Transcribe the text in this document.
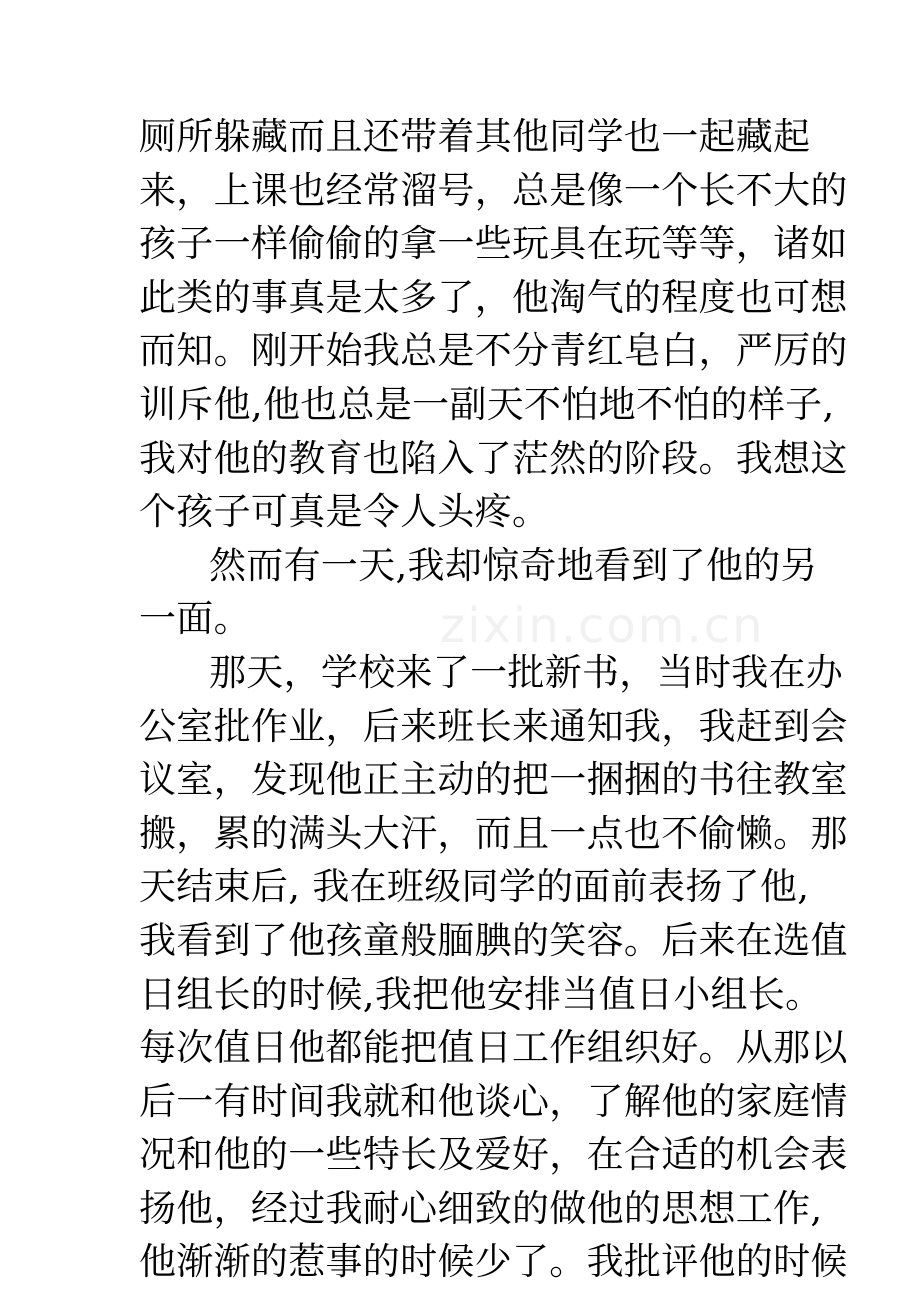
zixin.com.cn
厕所躲藏而且还带着其他同学也一起藏起
来，上课也经常溜号，总是像一个长不大的
孩子一样偷偷的拿一些玩具在玩等等，诸如
此类的事真是太多了，他淘气的程度也可想
而知。刚开始我总是不分青红皂白，严厉的
训斥他,他也总是一副天不怕地不怕的样子,
我对他的教育也陷入了茫然的阶段。我想这
个孩子可真是令人头疼。
然而有一天,我却惊奇地看到了他的另
一面。
那天，学校来了一批新书，当时我在办
公室批作业，后来班长来通知我，我赶到会
议室，发现他正主动的把一捆捆的书往教室
搬，累的满头大汗，而且一点也不偷懒。那
天结束后, 我在班级同学的面前表扬了他,
我看到了他孩童般腼腆的笑容。后来在选值
日组长的时候,我把他安排当值日小组长。
每次值日他都能把值日工作组织好。从那以
后一有时间我就和他谈心，了解他的家庭情
况和他的一些特长及爱好，在合适的机会表
扬他，经过我耐心细致的做他的思想工作,
他渐渐的惹事的时候少了。我批评他的时候
